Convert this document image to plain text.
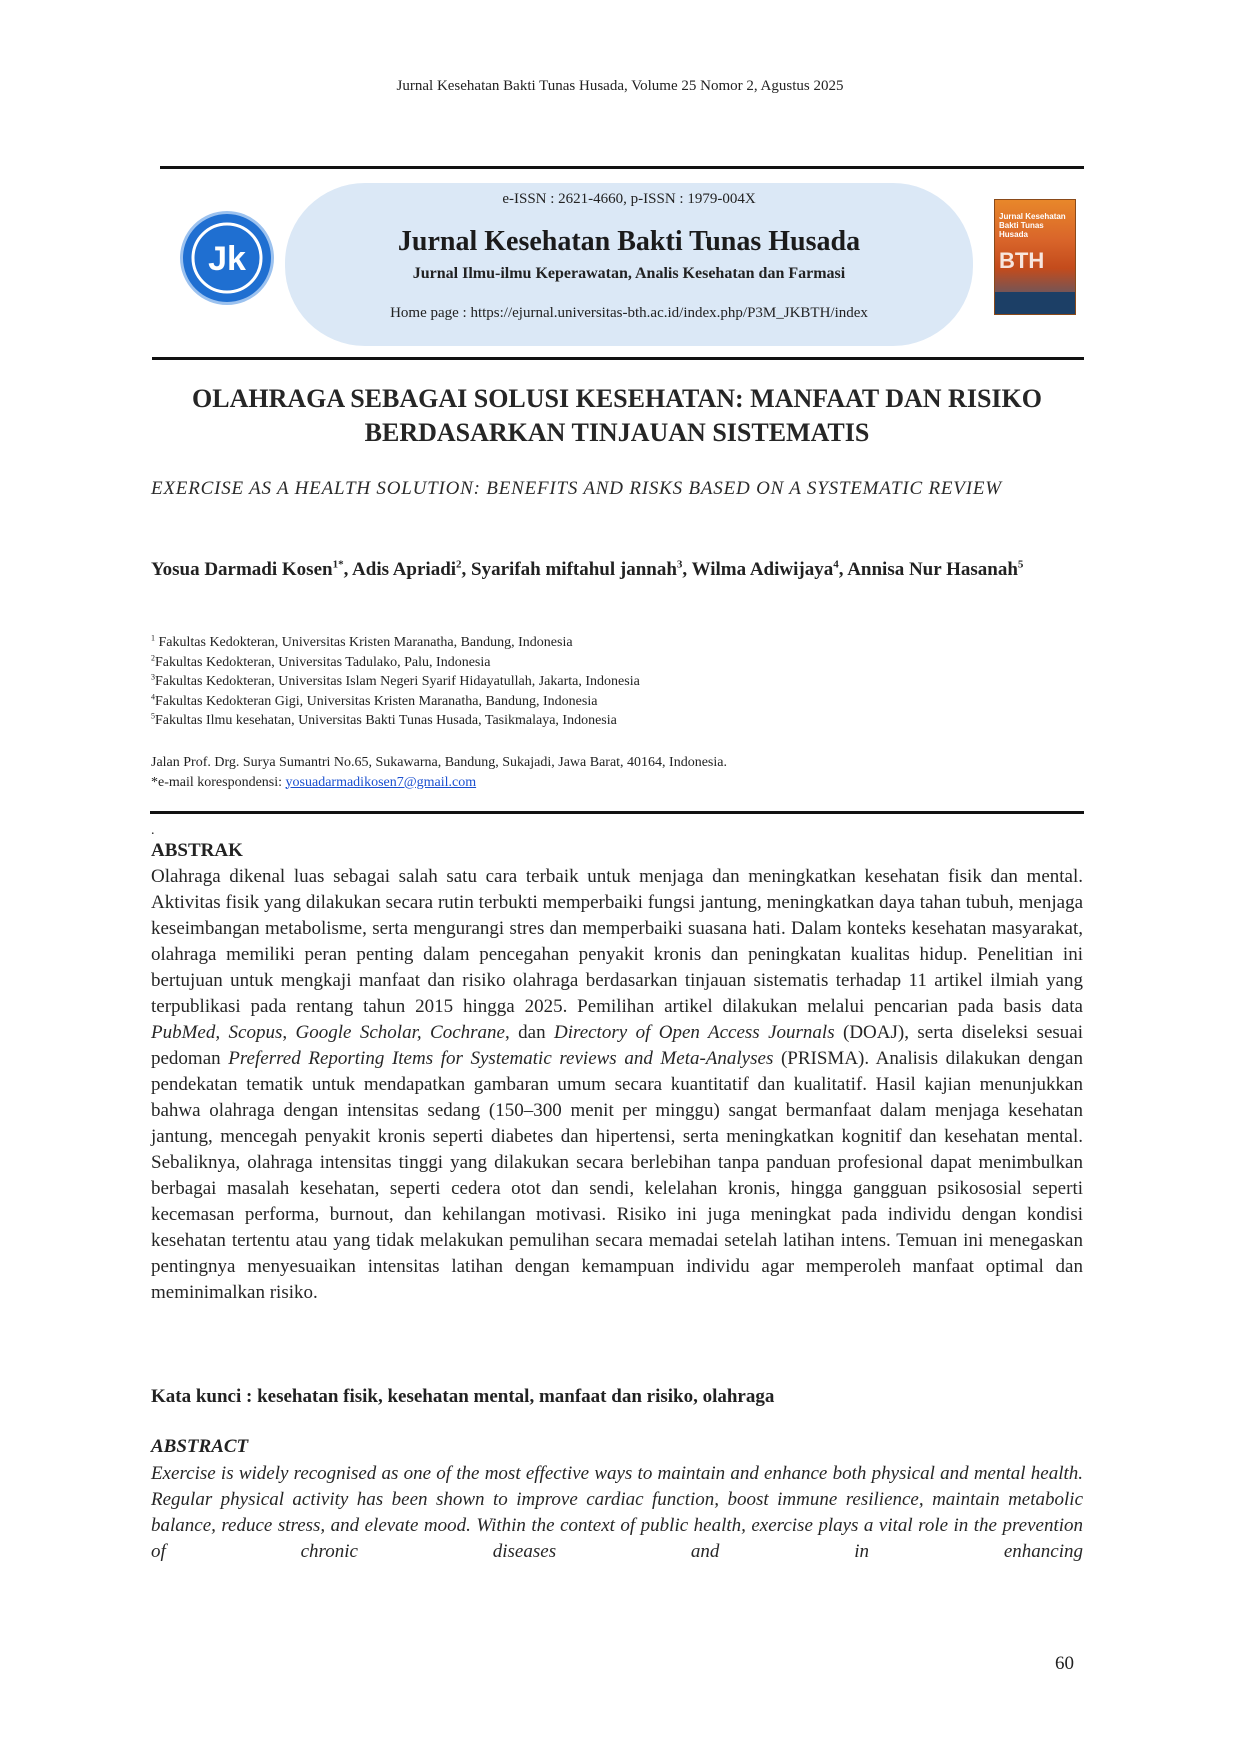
Jurnal Kesehatan Bakti Tunas Husada, Volume 25 Nomor 2, Agustus 2025
Jk
e-ISSN : 2621-4660, p-ISSN : 1979-004X
Jurnal Kesehatan Bakti Tunas Husada
Jurnal Ilmu-ilmu Keperawatan, Analis Kesehatan dan Farmasi
Home page : https://ejurnal.universitas-bth.ac.id/index.php/P3M_JKBTH/index
Jurnal Kesehatan Bakti Tunas Husada
BTH
OLAHRAGA SEBAGAI SOLUSI KESEHATAN: MANFAAT DAN RISIKO BERDASARKAN TINJAUAN SISTEMATIS
EXERCISE AS A HEALTH SOLUTION: BENEFITS AND RISKS BASED ON A SYSTEMATIC REVIEW
Yosua Darmadi Kosen$^{1*}$, Adis Apriadi$^2$, Syarifah miftahul jannah$^3$, Wilma Adiwijaya$^4$, Annisa Nur Hasanah$^5$
$^1$ Fakultas Kedokteran, Universitas Kristen Maranatha, Bandung, Indonesia
$^2$Fakultas Kedokteran, Universitas Tadulako, Palu, Indonesia
$^3$Fakultas Kedokteran, Universitas Islam Negeri Syarif Hidayatullah, Jakarta, Indonesia
$^4$Fakultas Kedokteran Gigi, Universitas Kristen Maranatha, Bandung, Indonesia
$^5$Fakultas Ilmu kesehatan, Universitas Bakti Tunas Husada, Tasikmalaya, Indonesia
Jalan Prof. Drg. Surya Sumantri No.65, Sukawarna, Bandung, Sukajadi, Jawa Barat, 40164, Indonesia.
*e-mail korespondensi: yosuadarmadikosen7@gmail.com
.
ABSTRAK
Olahraga dikenal luas sebagai salah satu cara terbaik untuk menjaga dan meningkatkan kesehatan fisik dan mental. Aktivitas fisik yang dilakukan secara rutin terbukti memperbaiki fungsi jantung, meningkatkan daya tahan tubuh, menjaga keseimbangan metabolisme, serta mengurangi stres dan memperbaiki suasana hati. Dalam konteks kesehatan masyarakat, olahraga memiliki peran penting dalam pencegahan penyakit kronis dan peningkatan kualitas hidup. Penelitian ini bertujuan untuk mengkaji manfaat dan risiko olahraga berdasarkan tinjauan sistematis terhadap 11 artikel ilmiah yang terpublikasi pada rentang tahun 2015 hingga 2025. Pemilihan artikel dilakukan melalui pencarian pada basis data PubMed, Scopus, Google Scholar, Cochrane, dan Directory of Open Access Journals (DOAJ), serta diseleksi sesuai pedoman Preferred Reporting Items for Systematic reviews and Meta-Analyses (PRISMA). Analisis dilakukan dengan pendekatan tematik untuk mendapatkan gambaran umum secara kuantitatif dan kualitatif. Hasil kajian menunjukkan bahwa olahraga dengan intensitas sedang (150–300 menit per minggu) sangat bermanfaat dalam menjaga kesehatan jantung, mencegah penyakit kronis seperti diabetes dan hipertensi, serta meningkatkan kognitif dan kesehatan mental. Sebaliknya, olahraga intensitas tinggi yang dilakukan secara berlebihan tanpa panduan profesional dapat menimbulkan berbagai masalah kesehatan, seperti cedera otot dan sendi, kelelahan kronis, hingga gangguan psikososial seperti kecemasan performa, burnout, dan kehilangan motivasi. Risiko ini juga meningkat pada individu dengan kondisi kesehatan tertentu atau yang tidak melakukan pemulihan secara memadai setelah latihan intens. Temuan ini menegaskan pentingnya menyesuaikan intensitas latihan dengan kemampuan individu agar memperoleh manfaat optimal dan meminimalkan risiko.
Kata kunci : kesehatan fisik, kesehatan mental, manfaat dan risiko, olahraga
ABSTRACT
Exercise is widely recognised as one of the most effective ways to maintain and enhance both physical and mental health. Regular physical activity has been shown to improve cardiac function, boost immune resilience, maintain metabolic balance, reduce stress, and elevate mood. Within the context of public health, exercise plays a vital role in the prevention of chronic diseases and in enhancing
60
